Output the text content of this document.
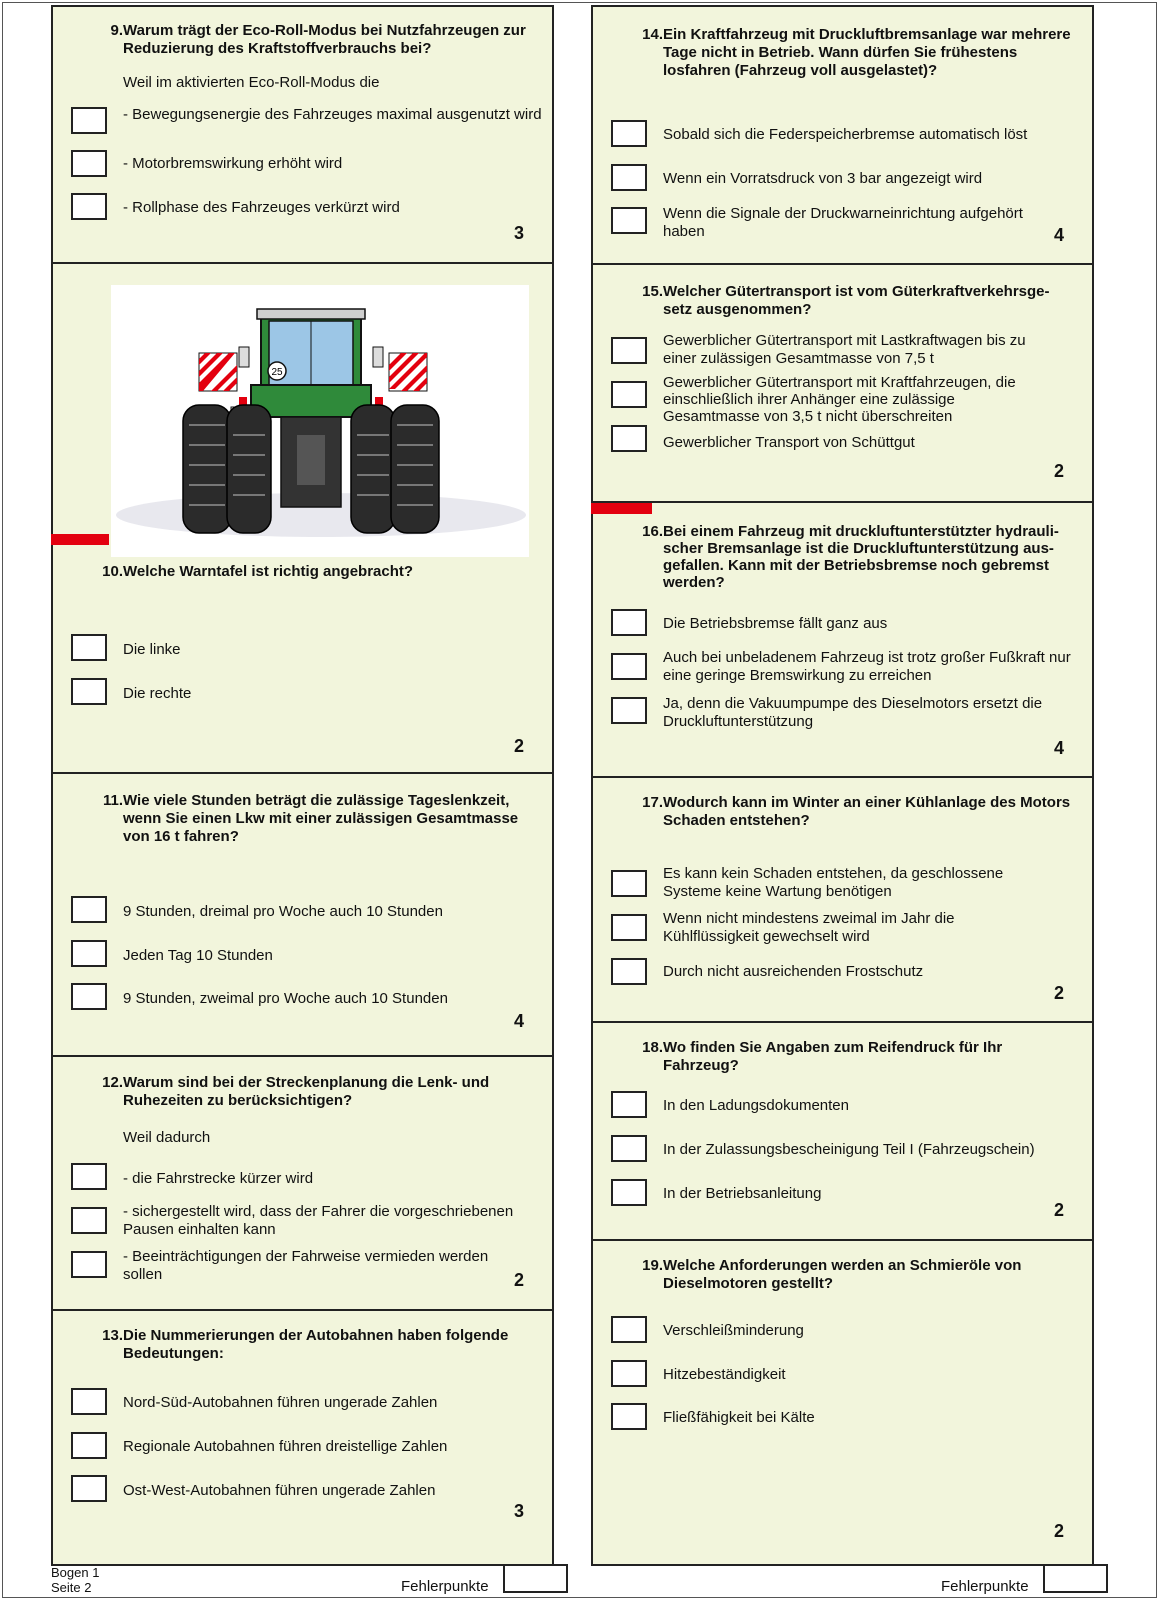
9. Warum trägt der Eco-Roll-Modus bei Nutzfahrzeugen zur Reduzierung des Kraftstoffverbrauchs bei?
Weil im aktivierten Eco-Roll-Modus die
- Bewegungsenergie des Fahrzeuges maximal ausgenutzt wird
- Motorbremswirkung erhöht wird
- Rollphase des Fahrzeuges verkürzt wird
3
25
10. Welche Warntafel ist richtig angebracht?
Die linke
Die rechte
2
11. Wie viele Stunden beträgt die zulässige Tageslenkzeit, wenn Sie einen Lkw mit einer zulässigen Gesamtmasse von 16 t fahren?
9 Stunden, dreimal pro Woche auch 10 Stunden
Jeden Tag 10 Stunden
9 Stunden, zweimal pro Woche auch 10 Stunden
4
12. Warum sind bei der Streckenplanung die Lenk- und Ruhezeiten zu berücksichtigen?
Weil dadurch
- die Fahrstrecke kürzer wird
- sichergestellt wird, dass der Fahrer die vorgeschriebenen Pausen einhalten kann
- Beeinträchtigungen der Fahrweise vermieden werden sollen	2
13. Die Nummerierungen der Autobahnen haben folgende Bedeutungen:
Nord-Süd-Autobahnen führen ungerade Zahlen
Regionale Autobahnen führen dreistellige Zahlen
Ost-West-Autobahnen führen ungerade Zahlen
3
14. Ein Kraftfahrzeug mit Druckluftbremsanlage war mehrere Tage nicht in Betrieb. Wann dürfen Sie frühestens losfahren (Fahrzeug voll ausgelastet)?
Sobald sich die Federspeicherbremse automatisch löst
Wenn ein Vorratsdruck von 3 bar angezeigt wird
Wenn die Signale der Druckwarneinrichtung aufgehört haben	4
15. Welcher Gütertransport ist vom Güterkraftverkehrsge-setz ausgenommen?
Gewerblicher Gütertransport mit Lastkraftwagen bis zu einer zulässigen Gesamtmasse von 7,5 t
Gewerblicher Gütertransport mit Kraftfahrzeugen, die einschließlich ihrer Anhänger eine zulässige Gesamtmasse von 3,5 t nicht überschreiten
Gewerblicher Transport von Schüttgut
2
16. Bei einem Fahrzeug mit druckluftunterstützter hydrauli-scher Bremsanlage ist die Druckluftunterstützung aus-gefallen. Kann mit der Betriebsbremse noch gebremst werden?
Die Betriebsbremse fällt ganz aus
Auch bei unbeladenem Fahrzeug ist trotz großer Fußkraft nur eine geringe Bremswirkung zu erreichen
Ja, denn die Vakuumpumpe des Dieselmotors ersetzt die Druckluftunterstützung
4
17. Wodurch kann im Winter an einer Kühlanlage des Motors Schaden entstehen?
Es kann kein Schaden entstehen, da geschlossene Systeme keine Wartung benötigen
Wenn nicht mindestens zweimal im Jahr die Kühlflüssigkeit gewechselt wird
Durch nicht ausreichenden Frostschutz
2
18. Wo finden Sie Angaben zum Reifendruck für Ihr Fahrzeug?
In den Ladungsdokumenten
In der Zulassungsbescheinigung Teil I (Fahrzeugschein)
In der Betriebsanleitung
2
19. Welche Anforderungen werden an Schmieröle von Dieselmotoren gestellt?
Verschleißminderung
Hitzebeständigkeit
Fließfähigkeit bei Kälte
2
Bogen 1
Seite 2	Fehlerpunkte	Fehlerpunkte
